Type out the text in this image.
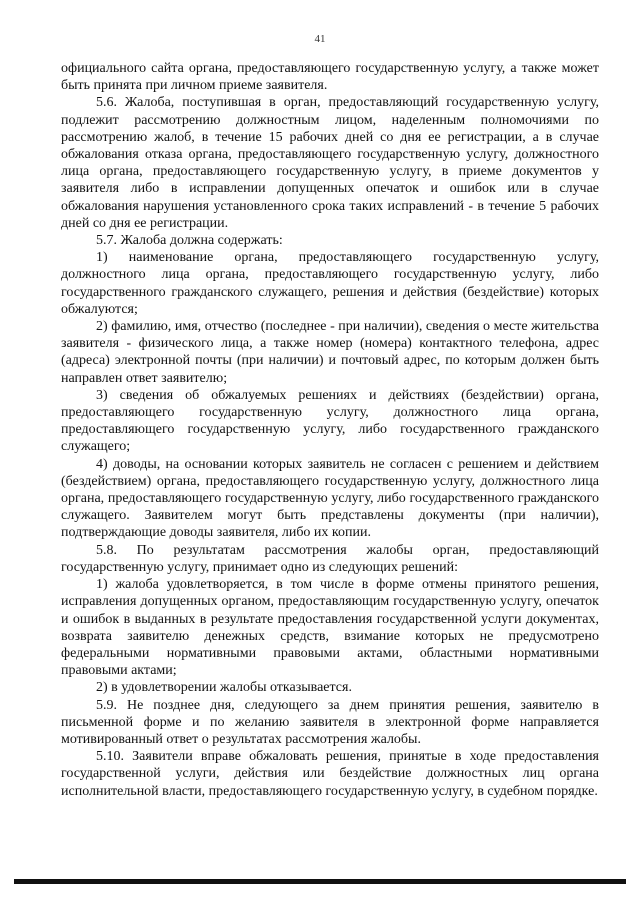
41

официального сайта органа, предоставляющего государственную услугу, а также может быть принята при личном приеме заявителя.

5.6. Жалоба, поступившая в орган, предоставляющий государственную услугу, подлежит рассмотрению должностным лицом, наделенным полномочиями по рассмотрению жалоб, в течение 15 рабочих дней со дня ее регистрации, а в случае обжалования отказа органа, предоставляющего государственную услугу, должностного лица органа, предоставляющего государственную услугу, в приеме документов у заявителя либо в исправлении допущенных опечаток и ошибок или в случае обжалования нарушения установленного срока таких исправлений - в течение 5 рабочих дней со дня ее регистрации.

5.7. Жалоба должна содержать:

1) наименование органа, предоставляющего государственную услугу, должностного лица органа, предоставляющего государственную услугу, либо государственного гражданского служащего, решения и действия (бездействие) которых обжалуются;

2) фамилию, имя, отчество (последнее - при наличии), сведения о месте жительства заявителя - физического лица, а также номер (номера) контактного телефона, адрес (адреса) электронной почты (при наличии) и почтовый адрес, по которым должен быть направлен ответ заявителю;

3) сведения об обжалуемых решениях и действиях (бездействии) органа, предоставляющего государственную услугу, должностного лица органа, предоставляющего государственную услугу, либо государственного гражданского служащего;

4) доводы, на основании которых заявитель не согласен с решением и действием (бездействием) органа, предоставляющего государственную услугу, должностного лица органа, предоставляющего государственную услугу, либо государственного гражданского служащего. Заявителем могут быть представлены документы (при наличии), подтверждающие доводы заявителя, либо их копии.

5.8. По результатам рассмотрения жалобы орган, предоставляющий государственную услугу, принимает одно из следующих решений:

1) жалоба удовлетворяется, в том числе в форме отмены принятого решения, исправления допущенных органом, предоставляющим государственную услугу, опечаток и ошибок в выданных в результате предоставления государственной услуги документах, возврата заявителю денежных средств, взимание которых не предусмотрено федеральными нормативными правовыми актами, областными нормативными правовыми актами;

2) в удовлетворении жалобы отказывается.

5.9. Не позднее дня, следующего за днем принятия решения, заявителю в письменной форме и по желанию заявителя в электронной форме направляется мотивированный ответ о результатах рассмотрения жалобы.

5.10. Заявители вправе обжаловать решения, принятые в ходе предоставления государственной услуги, действия или бездействие должностных лиц органа исполнительной власти, предоставляющего государственную услугу, в судебном порядке.
